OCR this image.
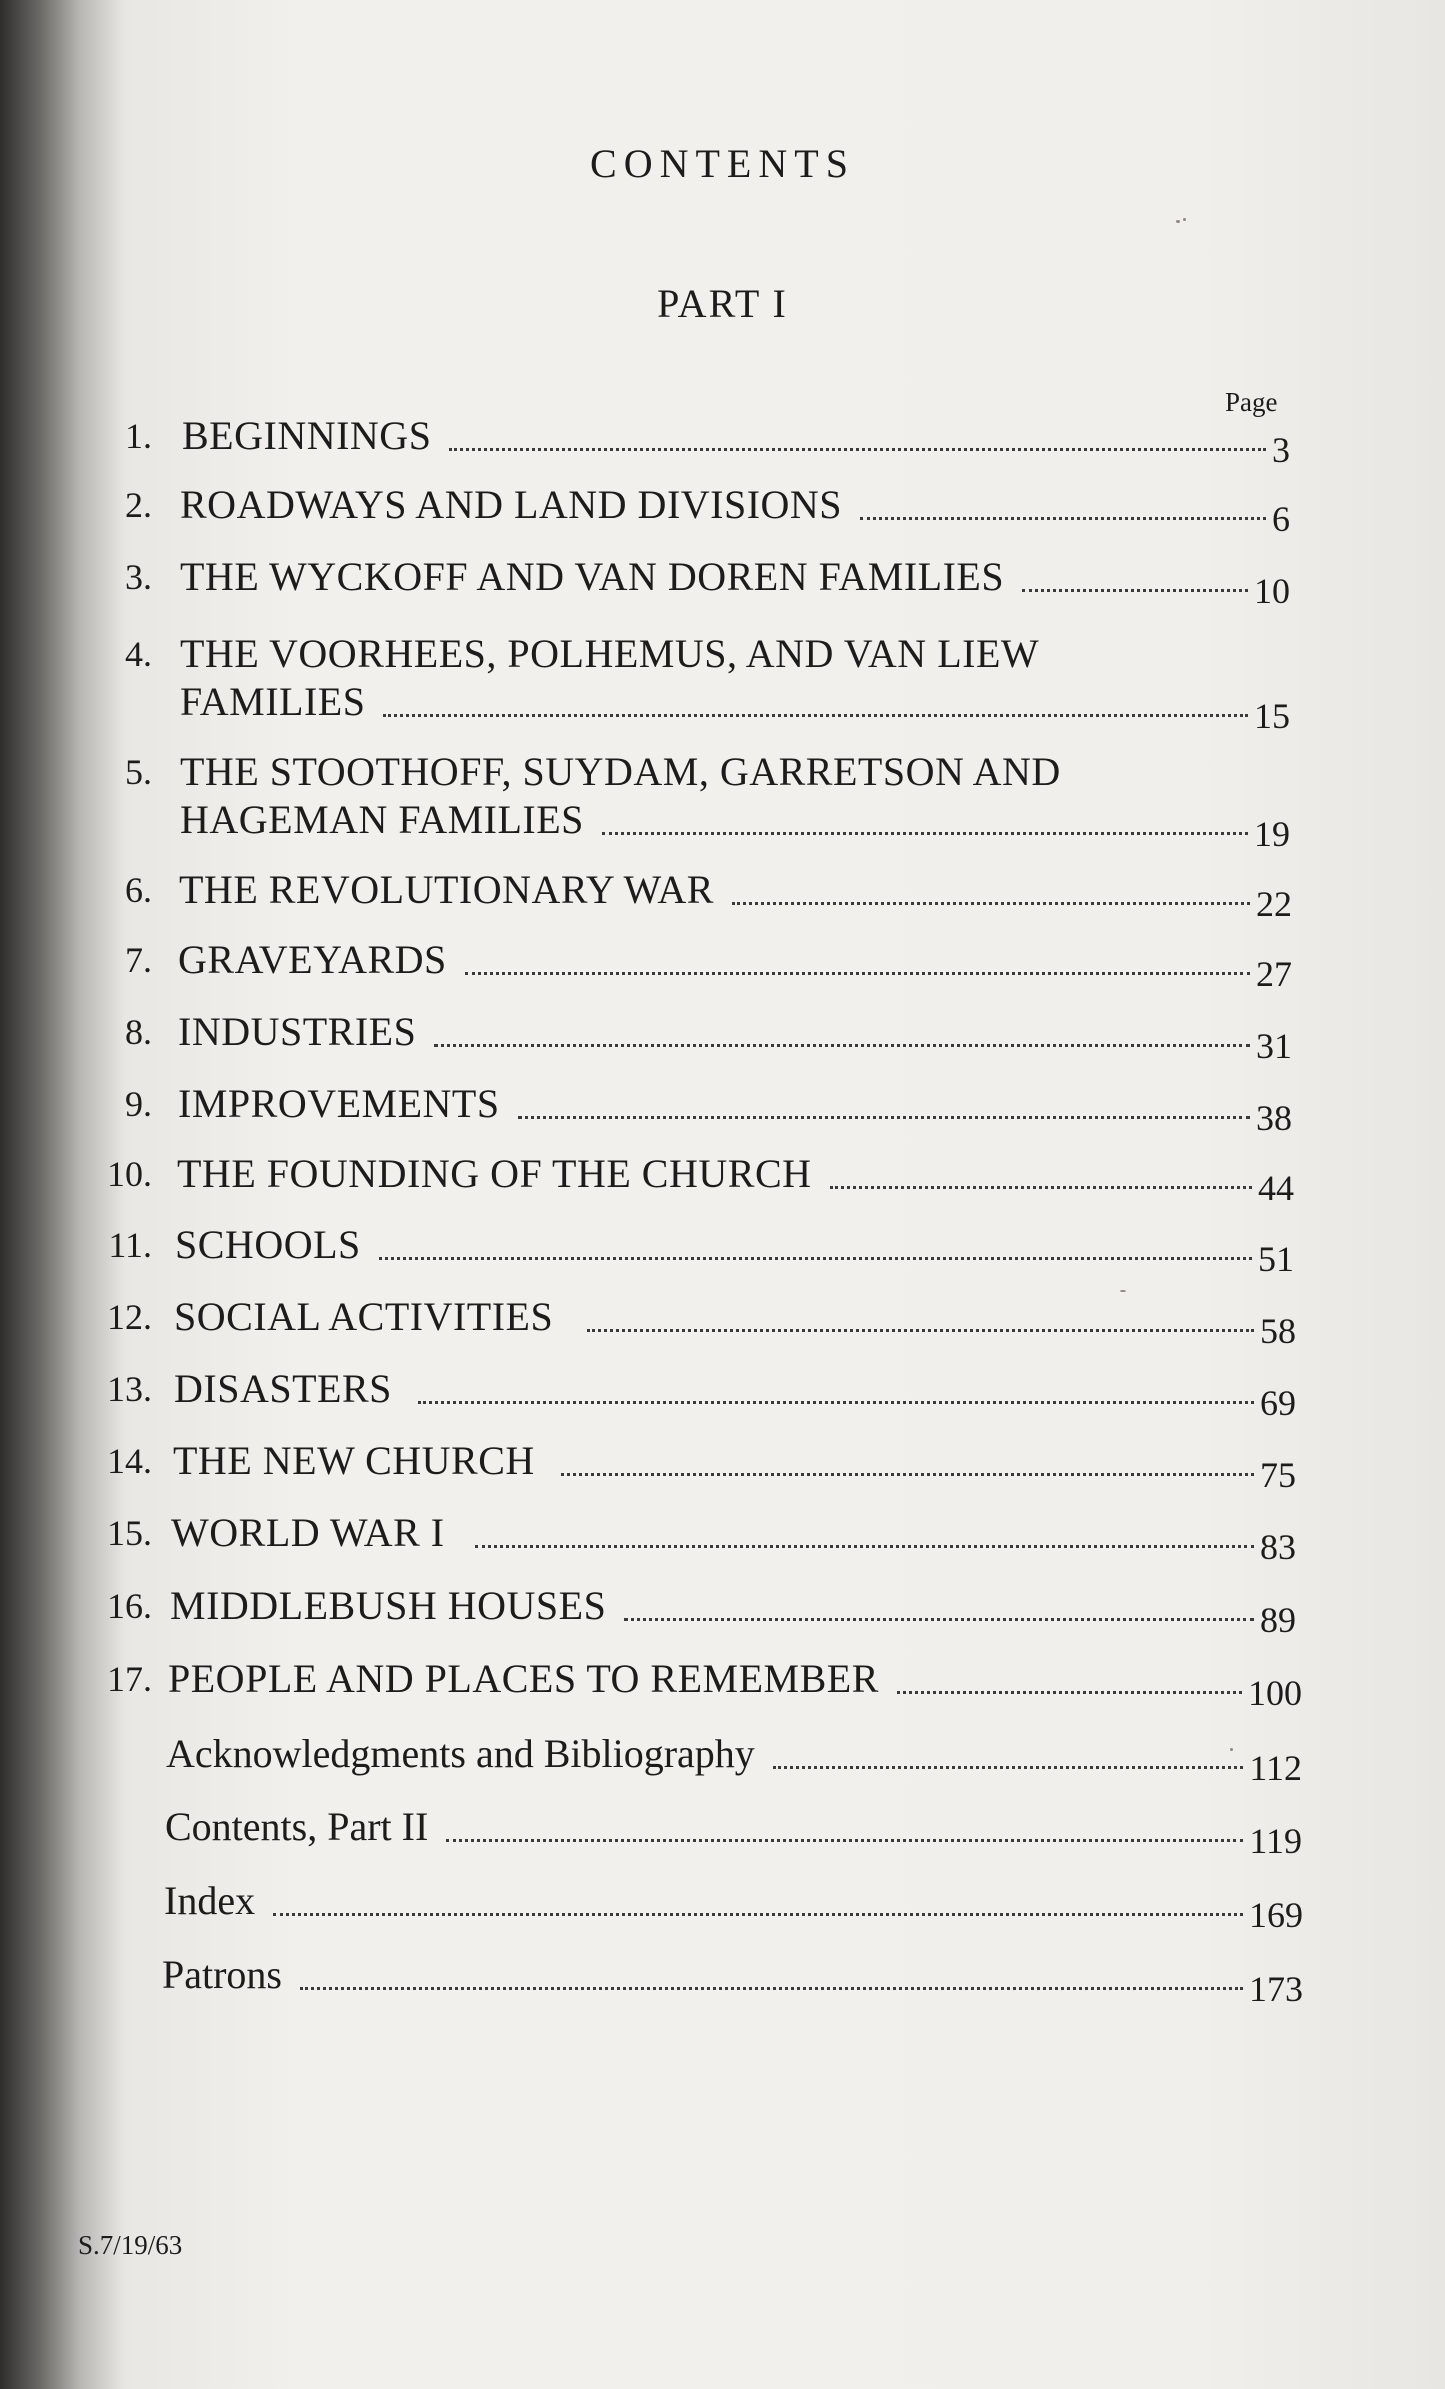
CONTENTS
PART I
Page
1. BEGINNINGS	3
2. ROADWAYS AND LAND DIVISIONS	6
3. THE WYCKOFF AND VAN DOREN FAMILIES	10
4. THE VOORHEES, POLHEMUS, AND VAN LIEW
FAMILIES	15
5. THE STOOTHOFF, SUYDAM, GARRETSON AND
HAGEMAN FAMILIES	19
6. THE REVOLUTIONARY WAR	22
7. GRAVEYARDS	27
8. INDUSTRIES	31
9. IMPROVEMENTS	38
10. THE FOUNDING OF THE CHURCH	44
11. SCHOOLS	51
12. SOCIAL ACTIVITIES	58
13. DISASTERS	69
14. THE NEW CHURCH	75
15. WORLD WAR I	83
16. MIDDLEBUSH HOUSES	89
17. PEOPLE AND PLACES TO REMEMBER	100
Acknowledgments and Bibliography	112
Contents, Part II	119
Index	169
Patrons	173
S.7/19/63
